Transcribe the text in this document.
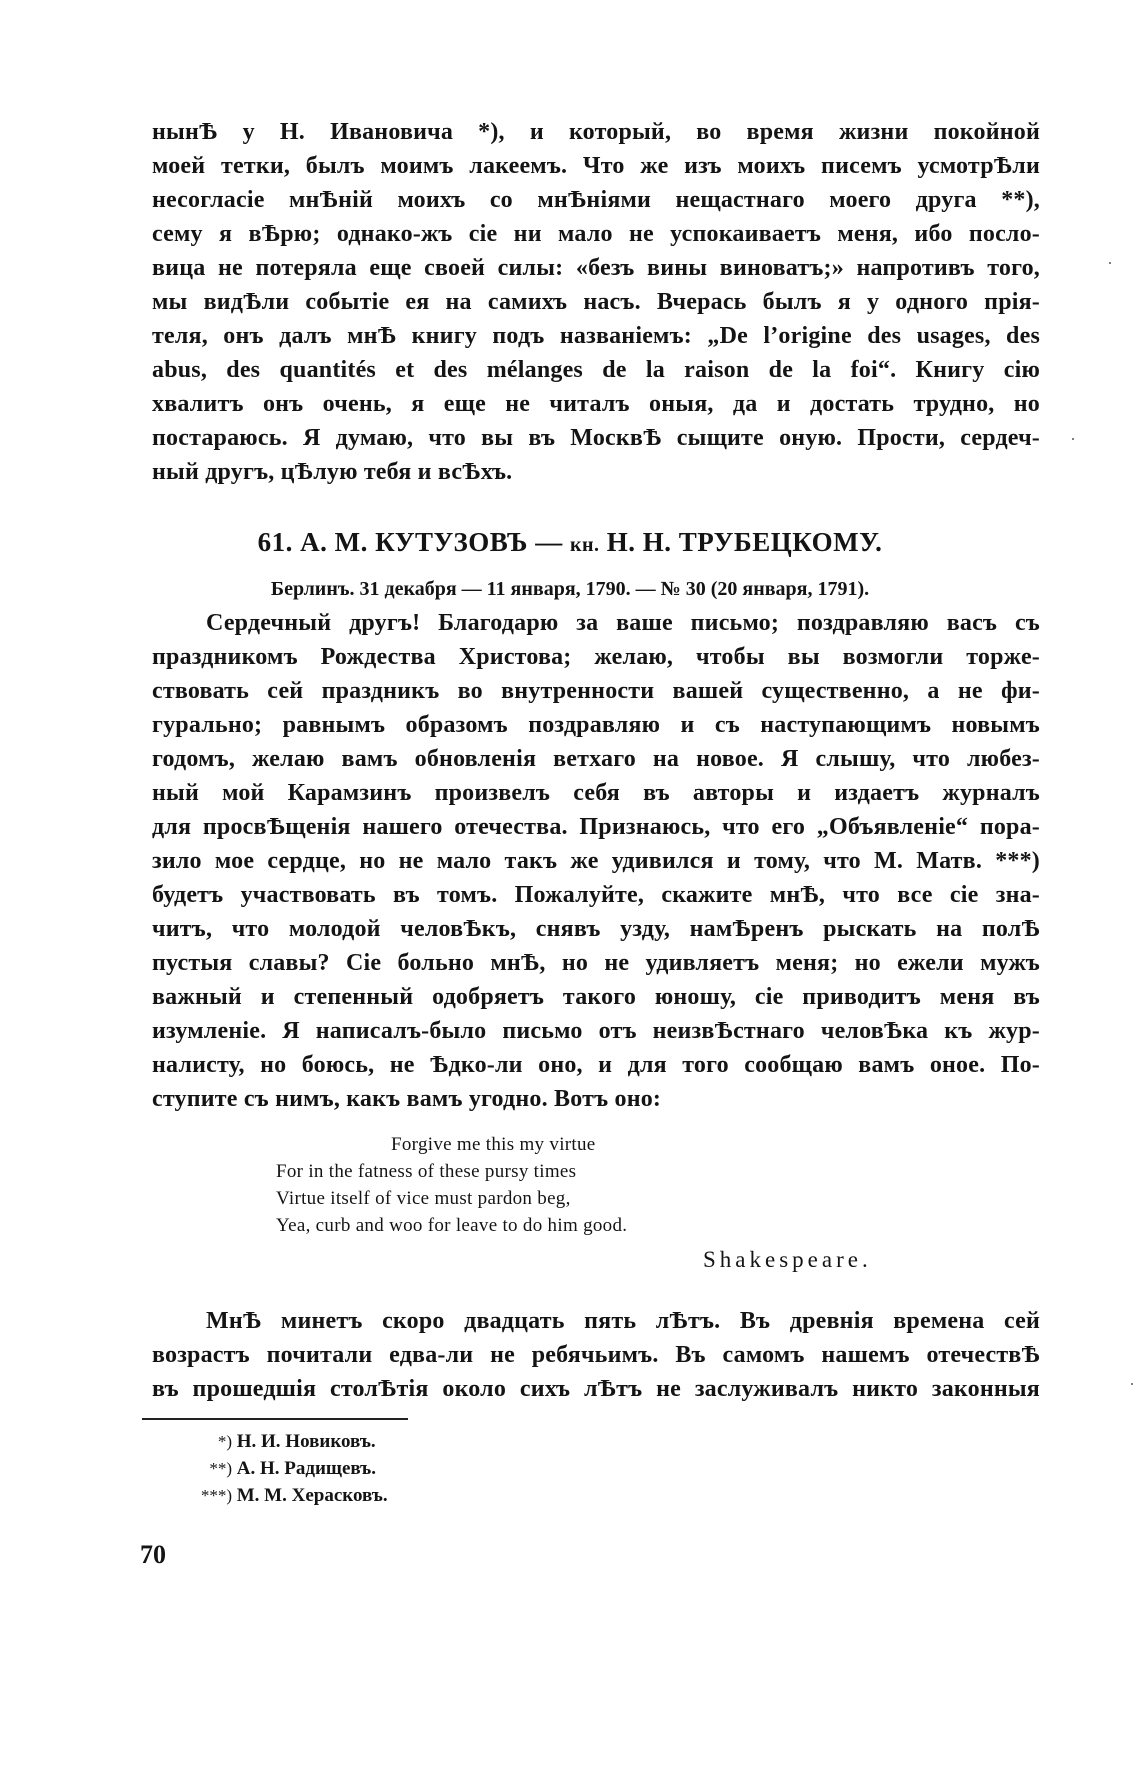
нынѢ у Н. Ивановича *), и который, во время жизни покойной
моей тетки, былъ моимъ лакеемъ. Что же изъ моихъ писемъ усмотрѢли
несогласіе мнѢній моихъ со мнѢніями нещастнаго моего друга **),
сему я вѢрю; однако-жъ сіе ни мало не успокаиваетъ меня, ибо посло-
вица не потеряла еще своей силы: «безъ вины виноватъ;» напротивъ того,
мы видѢли событіе ея на самихъ насъ. Вчерась былъ я у одного прія-
теля, онъ далъ мнѢ книгу подъ названіемъ: „De l’origine des usages, des
abus, des quantités et des mélanges de la raison de la foi“. Книгу сію
хвалитъ онъ очень, я еще не читалъ оныя, да и достать трудно, но
постараюсь. Я думаю, что вы въ МосквѢ сыщите оную. Прости, сердеч-
ный другъ, цѢлую тебя и всѢхъ.
61. А. М. КУТУЗОВЪ — кн. Н. Н. ТРУБЕЦКОМУ.
Берлинъ. 31 декабря — 11 января, 1790. — № 30 (20 января, 1791).
Сердечный другъ! Благодарю за ваше письмо; поздравляю васъ съ
праздникомъ Рождества Христова; желаю, чтобы вы возмогли торже-
ствовать сей праздникъ во внутренности вашей существенно, а не фи-
гурально; равнымъ образомъ поздравляю и съ наступающимъ новымъ
годомъ, желаю вамъ обновленія ветхаго на новое. Я слышу, что любез-
ный мой Карамзинъ произвелъ себя въ авторы и издаетъ журналъ
для просвѢщенія нашего отечества. Признаюсь, что его „Объявленіе“ пора-
зило мое сердце, но не мало такъ же удивился и тому, что М. Матв. ***)
будетъ участвовать въ томъ. Пожалуйте, скажите мнѢ, что все сіе зна-
читъ, что молодой человѢкъ, снявъ узду, намѢренъ рыскать на полѢ
пустыя славы? Сіе больно мнѢ, но не удивляетъ меня; но ежели мужъ
важный и степенный одобряетъ такого юношу, сіе приводитъ меня въ
изумленіе. Я написалъ-было письмо отъ неизвѢстнаго человѢка къ жур-
налисту, но боюсь, не Ѣдко-ли оно, и для того сообщаю вамъ оное. По-
ступите съ нимъ, какъ вамъ угодно. Вотъ оно:
Forgive me this my virtue
For in the fatness of these pursy times
Virtue itself of vice must pardon beg,
Yea, curb and woo for leave to do him good.
Shakespeare.
МнѢ минетъ скоро двадцать пять лѢтъ. Въ древнія времена сей
возрастъ почитали едва-ли не ребячьимъ. Въ самомъ нашемъ отечествѢ
въ прошедшія столѢтія около сихъ лѢтъ не заслуживалъ никто законныя
*) Н. И. Новиковъ.
**) А. Н. Радищевъ.
***) М. М. Херасковъ.
70
